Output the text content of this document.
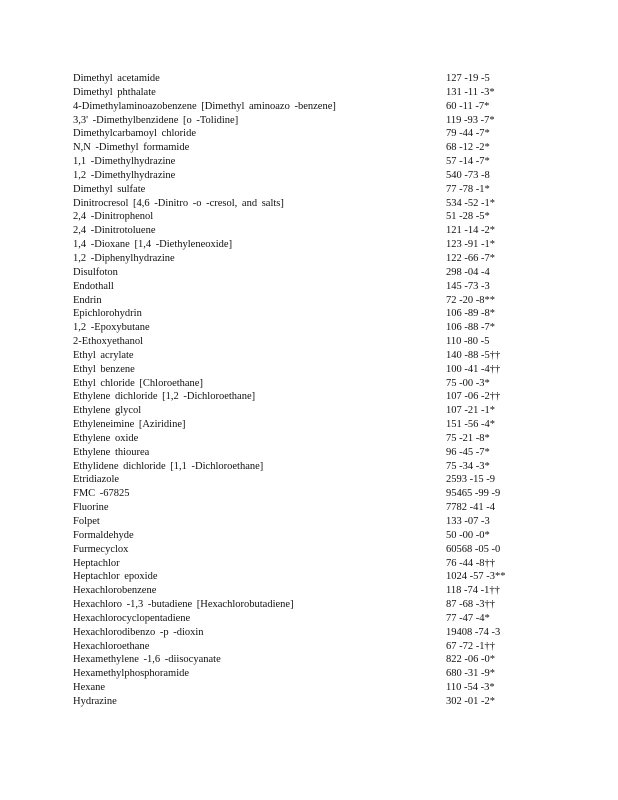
Dimethyl acetamide	127 -19 -5
Dimethyl phthalate	131 -11 -3*
4-Dimethylaminoazobenzene [Dimethyl aminoazo -benzene]	60 -11 -7*
3,3' -Dimethylbenzidene [o -Tolidine]	119 -93 -7*
Dimethylcarbamoyl chloride	79 -44 -7*
N,N -Dimethyl formamide	68 -12 -2*
1,1 -Dimethylhydrazine	57 -14 -7*
1,2 -Dimethylhydrazine	540 -73 -8
Dimethyl sulfate	77 -78 -1*
Dinitrocresol [4,6 -Dinitro -o -cresol, and salts]	534 -52 -1*
2,4 -Dinitrophenol	51 -28 -5*
2,4 -Dinitrotoluene	121 -14 -2*
1,4 -Dioxane [1,4 -Diethyleneoxide]	123 -91 -1*
1,2 -Diphenylhydrazine	122 -66 -7*
Disulfoton	298 -04 -4
Endothall	145 -73 -3
Endrin	72 -20 -8**
Epichlorohydrin	106 -89 -8*
1,2 -Epoxybutane	106 -88 -7*
2-Ethoxyethanol	110 -80 -5
Ethyl acrylate	140 -88 -5††
Ethyl benzene	100 -41 -4††
Ethyl chloride [Chloroethane]	75 -00 -3*
Ethylene dichloride [1,2 -Dichloroethane]	107 -06 -2††
Ethylene glycol	107 -21 -1*
Ethyleneimine [Aziridine]	151 -56 -4*
Ethylene oxide	75 -21 -8*
Ethylene thiourea	96 -45 -7*
Ethylidene dichloride [1,1 -Dichloroethane]	75 -34 -3*
Etridiazole	2593 -15 -9
FMC -67825	95465 -99 -9
Fluorine	7782 -41 -4
Folpet	133 -07 -3
Formaldehyde	50 -00 -0*
Furmecyclox	60568 -05 -0
Heptachlor	76 -44 -8††
Heptachlor epoxide	1024 -57 -3**
Hexachlorobenzene	118 -74 -1††
Hexachloro -1,3 -butadiene [Hexachlorobutadiene]	87 -68 -3††
Hexachlorocyclopentadiene	77 -47 -4*
Hexachlorodibenzo -p -dioxin	19408 -74 -3
Hexachloroethane	67 -72 -1††
Hexamethylene -1,6 -diisocyanate	822 -06 -0*
Hexamethylphosphoramide	680 -31 -9*
Hexane	110 -54 -3*
Hydrazine	302 -01 -2*
